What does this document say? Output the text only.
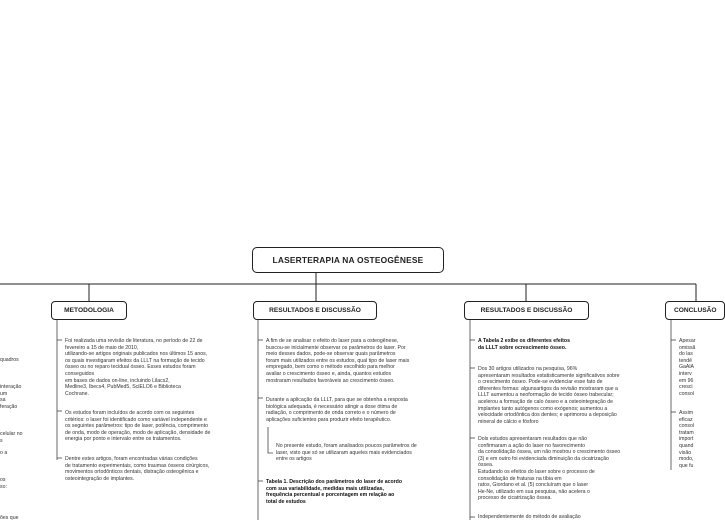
LASERTERAPIA NA OSTEOGÊNESE
METODOLOGIA	RESULTADOS E DISCUSSÃO	RESULTADOS E DISCUSSÃO	CONCLUSÃO
quadros
interação
um
sa
feração
celular no
s
o a
os
so:
ões que
Foi realizada uma revisão de literatura, no período de 22 de
fevereiro a 15 de maio de 2010,
utilizando-se artigos originais publicados nos últimos 15 anos,
os quais investigaram efeitos da LLLT na formação de tecido
ósseo ou no reparo tecidual ósseo. Esses estudos foram
conseguidos
em bases de dados on-line, incluindo Lilacs2,
Medline3, Ibecs4, PubMed5, SciELO6 e Biblioteca
Cochrane.
Os estudos foram incluídos de acordo com os seguintes
critérios: o laser foi identificado como variável independente e
os seguintes parâmetros: tipo de laser, potência, comprimento
de onda, modo de operação, modo de aplicação, densidade de
energia por ponto e intervalo entre os tratamentos.
Dentre estes artigos, foram encontradas várias condições
de tratamento experimentais, como traumas ósseos cirúrgicos,
movimentos ortodônticos dentais, distração osteogênica e
osteointegração de implantes.
A fim de se analisar o efeito do laser para a osteogênese,
buscou-se inicialmente observar os parâmetros do laser. Por
meio desses dados, pode-se observar quais parâmetros
foram mais utilizados entre os estudos, qual tipo de laser mais
empregado, bem como o método escolhido para melhor
avaliar o crescimento ósseo e, ainda, quantos estudos
mostraram resultados favoráveis ao crescimento ósseo.
Durante a aplicação da LLLT, para que se obtenha a resposta
biológica adequada, é necessário atingir a dose ótima de
radiação, o comprimento de onda correto e o número de
aplicações suficientes para produzir efeito terapêutico.
No presente estudo, foram analisados poucos parâmetros de
laser, visto que só se utilizaram aqueles mais evidenciados
entre os artigos
Tabela 1. Descrição dos parâmetros do laser de acordo
com sua variabilidade, medidas mais utilizadas,
frequência percentual e porcentagem em relação ao
total de estudos
A Tabela 2 exibe os diferentes efeitos
da LLLT sobre ocrescimento ósseo.
Dos 30 artigos utilizados na pesquisa, 96%
apresentaram resultados estatisticamente significativos sobre
o crescimento ósseo. Pode-se evidenciar esse fato de
diferentes formas: algunsartigos da revisão mostraram que a
LLLT aumentou a neoformação de tecido ósseo trabecular;
acelerou a formação de calo ósseo e a osteointegração de
implantes tanto autógenos como exógenos; aumentou a
velocidade ortodôntica dos dentes; e aprimorou a deposição
mineral de cálcio e fósforo
Dois estudos apresentaram resultados que não
confirmaram a ação do laser no favorecimento
da consolidação óssea, um não mostrou o crescimento ósseo
(3) e em outro foi evidenciada diminuição da cicatrização
óssea.
Estudando os efeitos do laser sobre o processo de
consolidação de fraturas na tíbia em
ratos, Giordano et al. (5) concluíram que o laser
He-Ne, utilizado em sua pesquisa, não acelera o
processo de cicatrização óssea.
Independentemente do método de avaliação
Apesar
omissã
do las
tendê
GaAlA
interv
em 96
cresci
consol
Assim
eficaz
consol
tratam
import
quand
visão
modo,
que fu
